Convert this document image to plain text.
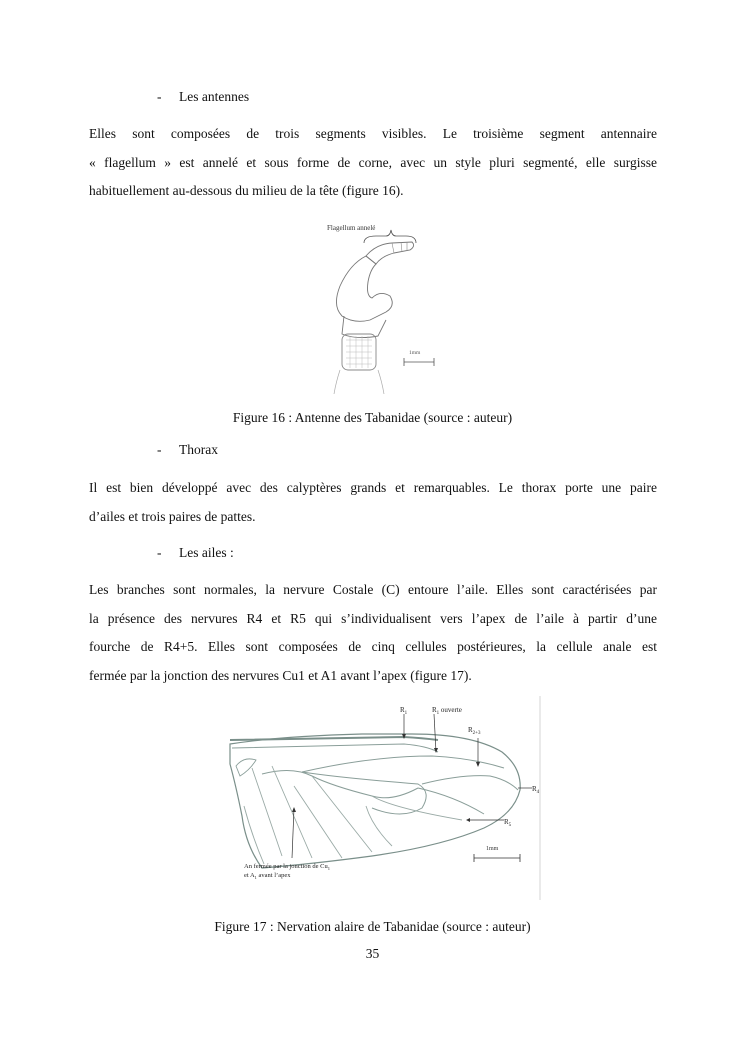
- Les antennes
Elles sont composées de trois segments visibles. Le troisième segment antennaire
« flagellum » est annelé et sous forme de corne, avec un style pluri segmenté, elle surgisse
habituellement au-dessous du milieu de la tête (figure 16).
Flagellum annelé
1mm
Figure 16 : Antenne des Tabanidae (source : auteur)
- Thorax
Il est bien développé avec des calyptères grands et remarquables. Le thorax porte une paire
d’ailes et trois paires de pattes.
- Les ailes :
Les branches sont normales, la nervure Costale (C) entoure l’aile. Elles sont caractérisées par
la présence des nervures R4 et R5 qui s’individualisent vers l’apex de l’aile à partir d’une
fourche de R4+5. Elles sont composées de cinq cellules postérieures, la cellule anale est
fermée par la jonction des nervures Cu1 et A1 avant l’apex (figure 17).
$R_1$	$R_1$ ouverte
$R_{2+3}$
$R_4$
$R_5$
1mm
An fermée par la jonction de $Cu_1$
et $A_1$ avant l’apex
Figure 17 : Nervation alaire de Tabanidae (source : auteur)
35
